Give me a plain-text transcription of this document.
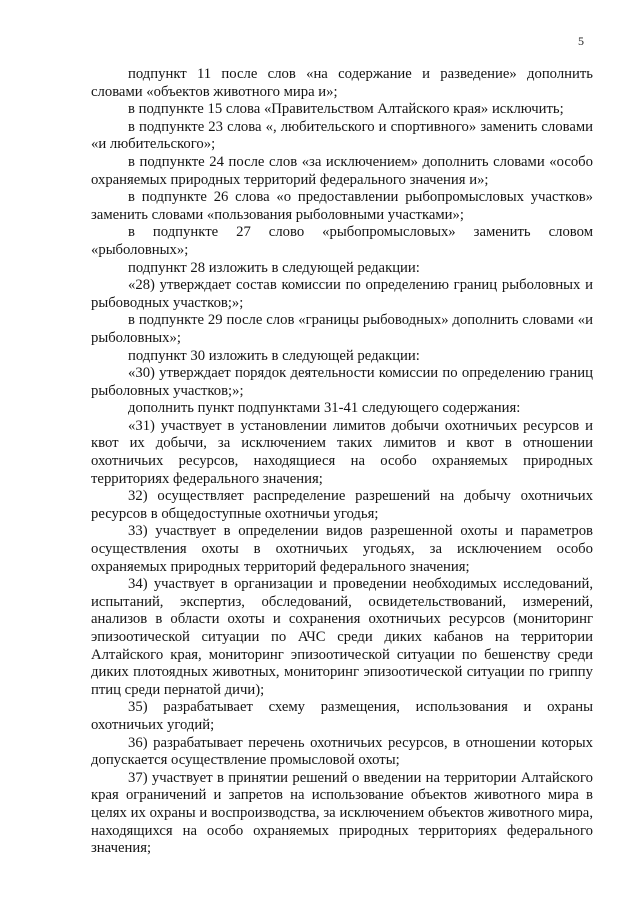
5

подпункт 11 после слов «на содержание и разведение» дополнить словами «объектов животного мира и»;

в подпункте 15 слова «Правительством Алтайского края» исключить;

в подпункте 23 слова «, любительского и спортивного» заменить словами «и любительского»;

в подпункте 24 после слов «за исключением» дополнить словами «особо охраняемых природных территорий федерального значения и»;

в подпункте 26 слова «о предоставлении рыбопромысловых участков» заменить словами «пользования рыболовными участками»;

в подпункте 27 слово «рыбопромысловых» заменить словом «рыболовных»;

подпункт 28 изложить в следующей редакции:

«28) утверждает состав комиссии по определению границ рыболовных и рыбоводных участков;»;

в подпункте 29 после слов «границы рыбоводных» дополнить словами «и рыболовных»;

подпункт 30 изложить в следующей редакции:

«30) утверждает порядок деятельности комиссии по определению границ рыболовных участков;»;

дополнить пункт подпунктами 31-41 следующего содержания:

«31) участвует в установлении лимитов добычи охотничьих ресурсов и квот их добычи, за исключением таких лимитов и квот в отношении охотничьих ресурсов, находящиеся на особо охраняемых природных территориях федерального значения;

32) осуществляет распределение разрешений на добычу охотничьих ресурсов в общедоступные охотничьи угодья;

33) участвует в определении видов разрешенной охоты и параметров осуществления охоты в охотничьих угодьях, за исключением особо охраняемых природных территорий федерального значения;

34) участвует в организации и проведении необходимых исследований, испытаний, экспертиз, обследований, освидетельствований, измерений, анализов в области охоты и сохранения охотничьих ресурсов (мониторинг эпизоотической ситуации по АЧС среди диких кабанов на территории Алтайского края, мониторинг эпизоотической ситуации по бешенству среди диких плотоядных животных, мониторинг эпизоотической ситуации по гриппу птиц среди пернатой дичи);

35) разрабатывает схему размещения, использования и охраны охотничьих угодий;

36) разрабатывает перечень охотничьих ресурсов, в отношении которых допускается осуществление промысловой охоты;

37) участвует в принятии решений о введении на территории Алтайского края ограничений и запретов на использование объектов животного мира в целях их охраны и воспроизводства, за исключением объектов животного мира, находящихся на особо охраняемых природных территориях федерального значения;
